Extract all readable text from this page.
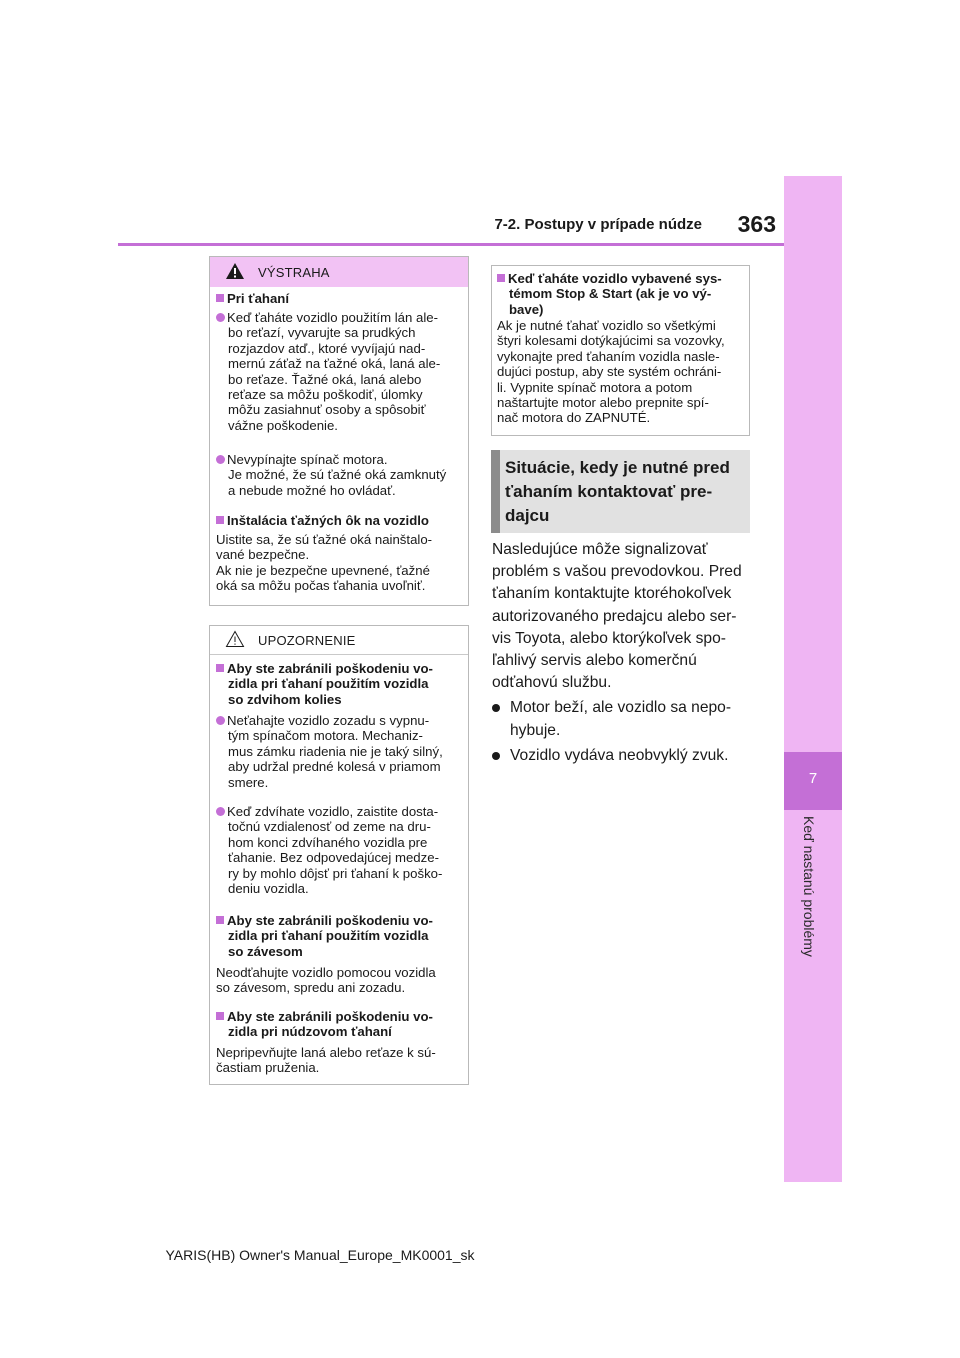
7-2. Postupy v prípade núdze	363
7
Keď nastanú problémy
VÝSTRAHA
Pri ťahaní
Keď ťaháte vozidlo použitím lán ale-
bo reťazí, vyvarujte sa prudkých
rozjazdov atď., ktoré vyvíjajú nad-
mernú záťaž na ťažné oká, laná ale-
bo reťaze. Ťažné oká, laná alebo
reťaze sa môžu poškodiť, úlomky
môžu zasiahnuť osoby a spôsobiť
vážne poškodenie.
Nevypínajte spínač motora.
Je možné, že sú ťažné oká zamknutý
a nebude možné ho ovládať.
Inštalácia ťažných ôk na vozidlo
Uistite sa, že sú ťažné oká nainštalo-
vané bezpečne.
Ak nie je bezpečne upevnené, ťažné
oká sa môžu počas ťahania uvoľniť.
UPOZORNENIE
Aby ste zabránili poškodeniu vo-
zidla pri ťahaní použitím vozidla
so zdvihom kolies
Neťahajte vozidlo zozadu s vypnu-
tým spínačom motora. Mechaniz-
mus zámku riadenia nie je taký silný,
aby udržal predné kolesá v priamom
smere.
Keď zdvíhate vozidlo, zaistite dosta-
točnú vzdialenosť od zeme na dru-
hom konci zdvíhaného vozidla pre
ťahanie. Bez odpovedajúcej medze-
ry by mohlo dôjsť pri ťahaní k poško-
deniu vozidla.
Aby ste zabránili poškodeniu vo-
zidla pri ťahaní použitím vozidla
so závesom
Neodťahujte vozidlo pomocou vozidla
so závesom, spredu ani zozadu.
Aby ste zabránili poškodeniu vo-
zidla pri núdzovom ťahaní
Nepripevňujte laná alebo reťaze k sú-
častiam pruženia.
Keď ťaháte vozidlo vybavené sys-
témom Stop & Start (ak je vo vý-
bave)
Ak je nutné ťahať vozidlo so všetkými
štyri kolesami dotýkajúcimi sa vozovky,
vykonajte pred ťahaním vozidla nasle-
dujúci postup, aby ste systém ochráni-
li. Vypnite spínač motora a potom
naštartujte motor alebo prepnite spí-
nač motora do ZAPNUTÉ.
Situácie, kedy je nutné pred
ťahaním kontaktovať pre-
dajcu
Nasledujúce môže signalizovať
problém s vašou prevodovkou. Pred
ťahaním kontaktujte ktoréhokoľvek
autorizovaného predajcu alebo ser-
vis Toyota, alebo ktorýkoľvek spo-
ľahlivý servis alebo komerčnú
odťahovú službu.
Motor beží, ale vozidlo sa nepo-
hybuje.
Vozidlo vydáva neobvyklý zvuk.
YARIS(HB) Owner's Manual_Europe_MK0001_sk
